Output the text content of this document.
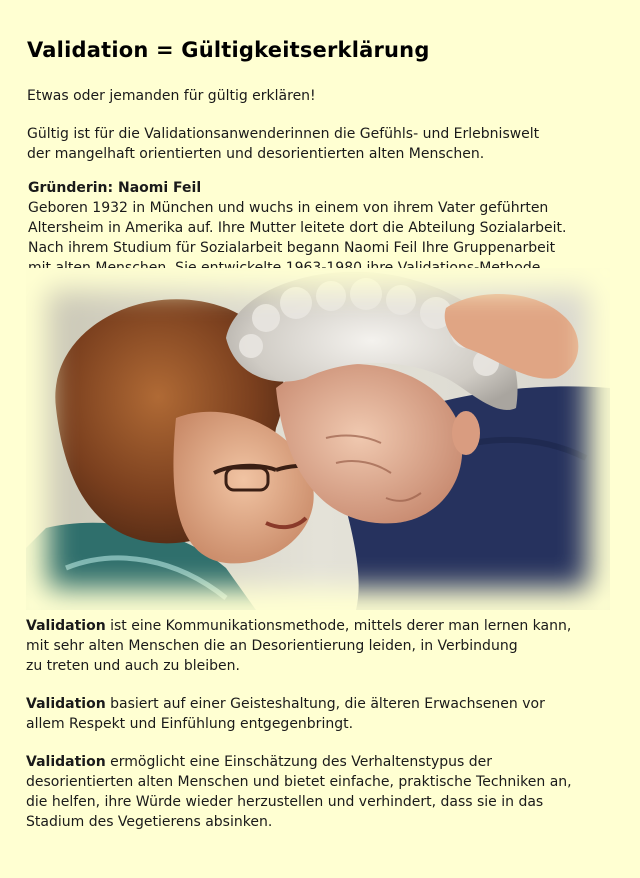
Validation = Gültigkeitserklärung
Etwas oder jemanden für gültig erklären!
Gültig ist für die Validationsanwenderinnen die Gefühls- und Erlebniswelt
der mangelhaft orientierten und desorientierten alten Menschen.
Gründerin: Naomi Feil
Geboren 1932 in München und wuchs in einem von ihrem Vater geführten
Altersheim in Amerika auf. Ihre Mutter leitete dort die Abteilung Sozialarbeit.
Nach ihrem Studium für Sozialarbeit begann Naomi Feil Ihre Gruppenarbeit
Validation ist eine Kommunikationsmethode, mittels derer man lernen kann,
mit sehr alten Menschen die an Desorientierung leiden, in Verbindung
zu treten und auch zu bleiben.
Validation basiert auf einer Geisteshaltung, die älteren Erwachsenen vor
allem Respekt und Einfühlung entgegenbringt.
Validation ermöglicht eine Einschätzung des Verhaltenstypus der
desorientierten alten Menschen und bietet einfache, praktische Techniken an,
die helfen, ihre Würde wieder herzustellen und verhindert, dass sie in das
Stadium des Vegetierens absinken.
